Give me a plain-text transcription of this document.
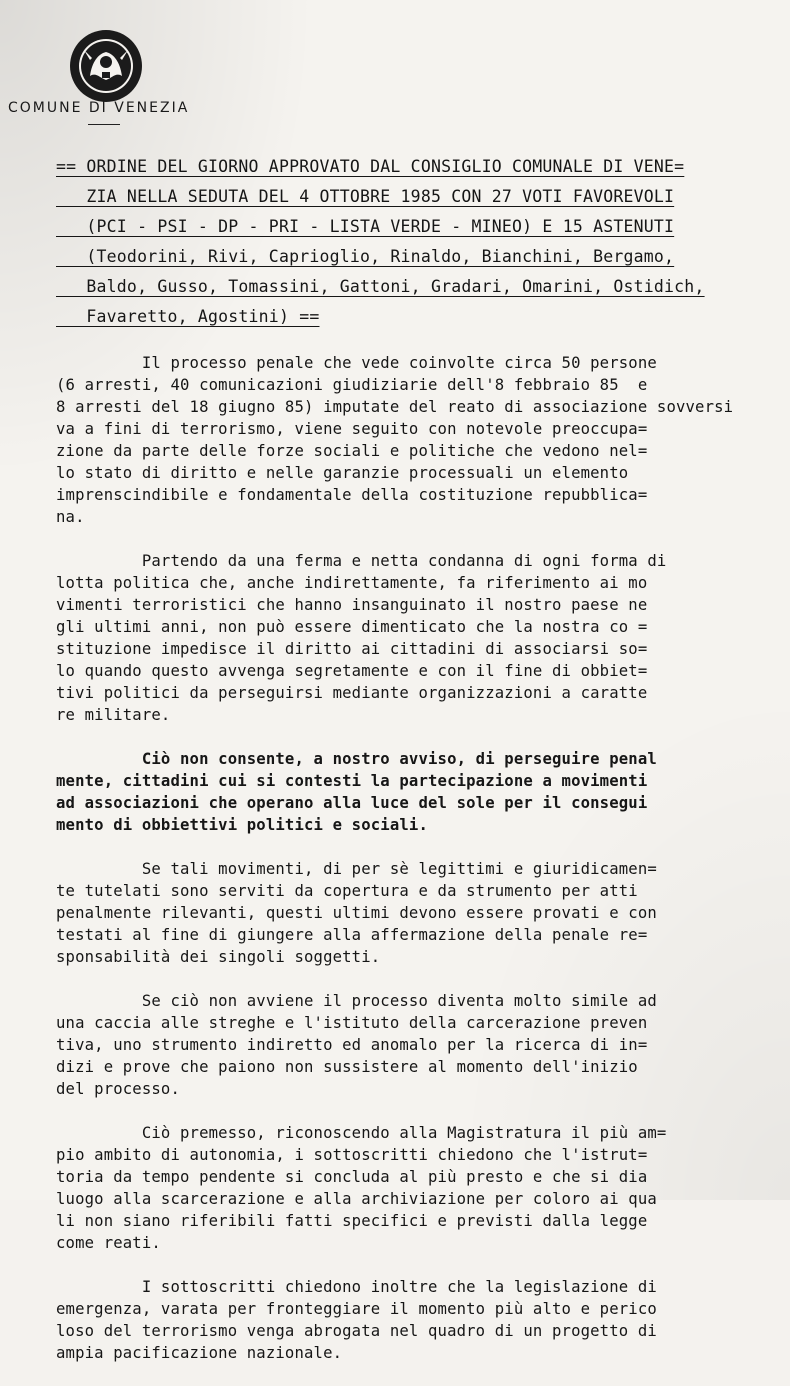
COMUNE DI VENEZIA
== ORDINE DEL GIORNO APPROVATO DAL CONSIGLIO COMUNALE DI VENE=
ZIA NELLA SEDUTA DEL 4 OTTOBRE 1985 CON 27 VOTI FAVOREVOLI
(PCI - PSI - DP - PRI - LISTA VERDE - MINEO) E 15 ASTENUTI
(Teodorini, Rivi, Caprioglio, Rinaldo, Bianchini, Bergamo,
Baldo, Gusso, Tomassini, Gattoni, Gradari, Omarini, Ostidich,
Favaretto, Agostini) ==
Il processo penale che vede coinvolte circa 50 persone
(6 arresti, 40 comunicazioni giudiziarie dell'8 febbraio 85  e
8 arresti del 18 giugno 85) imputate del reato di associazione sovversi
va a fini di terrorismo, viene seguito con notevole preoccupa=
zione da parte delle forze sociali e politiche che vedono nel=
lo stato di diritto e nelle garanzie processuali un elemento
imprenscindibile e fondamentale della costituzione repubblica=
na.
Partendo da una ferma e netta condanna di ogni forma di
lotta politica che, anche indirettamente, fa riferimento ai mo
vimenti terroristici che hanno insanguinato il nostro paese ne
gli ultimi anni, non può essere dimenticato che la nostra co =
stituzione impedisce il diritto ai cittadini di associarsi so=
lo quando questo avvenga segretamente e con il fine di obbiet=
tivi politici da perseguirsi mediante organizzazioni a caratte
re militare.
Ciò non consente, a nostro avviso, di perseguire penal
mente, cittadini cui si contesti la partecipazione a movimenti
ad associazioni che operano alla luce del sole per il consegui
mento di obbiettivi politici e sociali.
Se tali movimenti, di per sè legittimi e giuridicamen=
te tutelati sono serviti da copertura e da strumento per atti
penalmente rilevanti, questi ultimi devono essere provati e con
testati al fine di giungere alla affermazione della penale re=
sponsabilità dei singoli soggetti.
Se ciò non avviene il processo diventa molto simile ad
una caccia alle streghe e l'istituto della carcerazione preven
tiva, uno strumento indiretto ed anomalo per la ricerca di in=
dizi e prove che paiono non sussistere al momento dell'inizio
del processo.
Ciò premesso, riconoscendo alla Magistratura il più am=
pio ambito di autonomia, i sottoscritti chiedono che l'istrut=
toria da tempo pendente si concluda al più presto e che si dia
luogo alla scarcerazione e alla archiviazione per coloro ai qua
li non siano riferibili fatti specifici e previsti dalla legge
come reati.
I sottoscritti chiedono inoltre che la legislazione di
emergenza, varata per fronteggiare il momento più alto e perico
loso del terrorismo venga abrogata nel quadro di un progetto di
ampia pacificazione nazionale.
